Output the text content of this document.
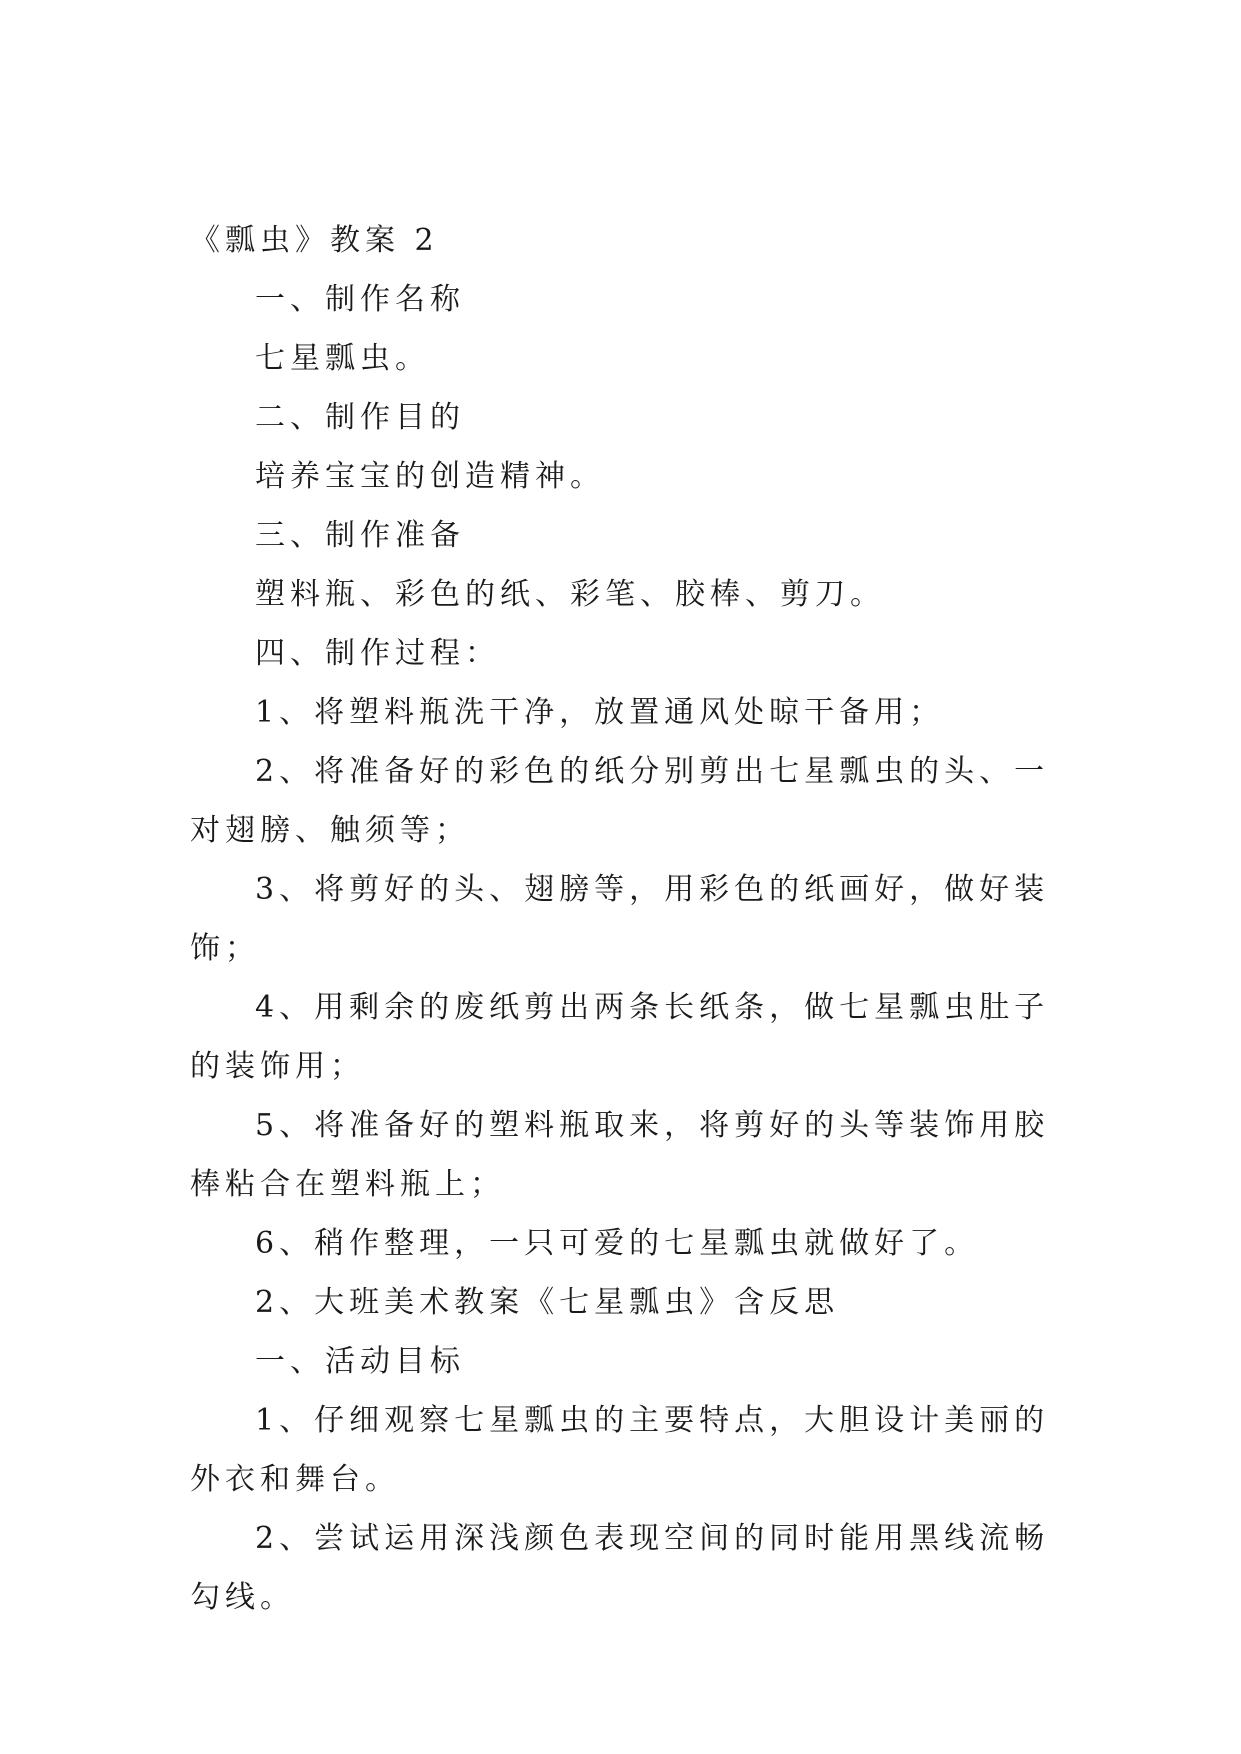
《瓢虫》教案 2

一、制作名称

七星瓢虫。

二、制作目的

培养宝宝的创造精神。

三、制作准备

塑料瓶、彩色的纸、彩笔、胶棒、剪刀。

四、制作过程：

1、将塑料瓶洗干净，放置通风处晾干备用；

2、将准备好的彩色的纸分别剪出七星瓢虫的头、一对翅膀、触须等；

3、将剪好的头、翅膀等，用彩色的纸画好，做好装饰；

4、用剩余的废纸剪出两条长纸条，做七星瓢虫肚子的装饰用；

5、将准备好的塑料瓶取来，将剪好的头等装饰用胶棒粘合在塑料瓶上；

6、稍作整理，一只可爱的七星瓢虫就做好了。

2、大班美术教案《七星瓢虫》含反思

一、活动目标

1、仔细观察七星瓢虫的主要特点，大胆设计美丽的外衣和舞台。

2、尝试运用深浅颜色表现空间的同时能用黑线流畅勾线。
